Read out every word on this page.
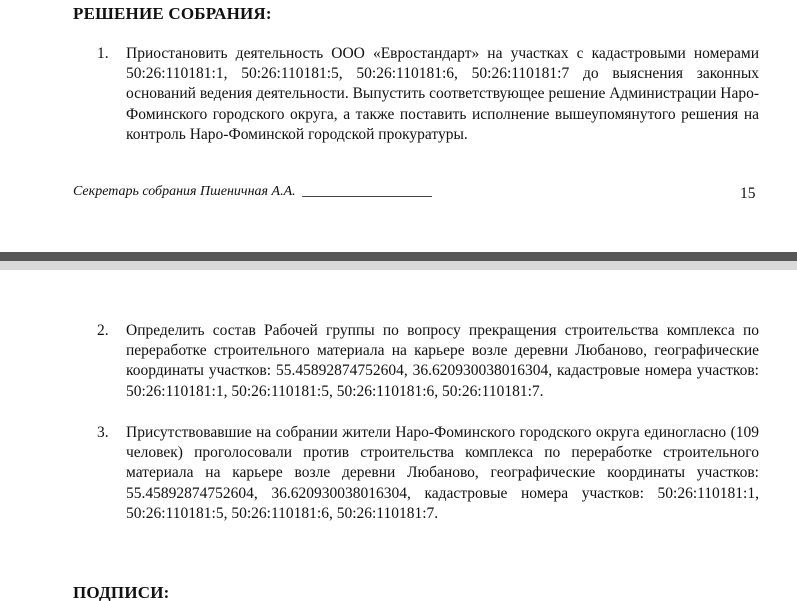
РЕШЕНИЕ СОБРАНИЯ:
1.	Приостановить деятельность ООО «Евростандарт» на участках с кадастровыми номерами 50:26:110181:1, 50:26:110181:5, 50:26:110181:6, 50:26:110181:7 до выяснения законных оснований ведения деятельности. Выпустить соответствующее решение Администрации Наро-Фоминского городского округа, а также поставить исполнение вышеупомянутого решения на контроль Наро-Фоминской городской прокуратуры.
Секретарь собрания Пшеничная А.А.	15
2.	Определить состав Рабочей группы по вопросу прекращения строительства комплекса по переработке строительного материала на карьере возле деревни Любаново, географические координаты участков: 55.45892874752604, 36.620930038016304, кадастровые номера участков: 50:26:110181:1, 50:26:110181:5, 50:26:110181:6, 50:26:110181:7.
3.	Присутствовавшие на собрании жители Наро-Фоминского городского округа единогласно (109 человек) проголосовали против строительства комплекса по переработке строительного материала на карьере возле деревни Любаново, географические координаты участков: 55.45892874752604, 36.620930038016304, кадастровые номера участков: 50:26:110181:1, 50:26:110181:5, 50:26:110181:6, 50:26:110181:7.
ПОДПИСИ:
